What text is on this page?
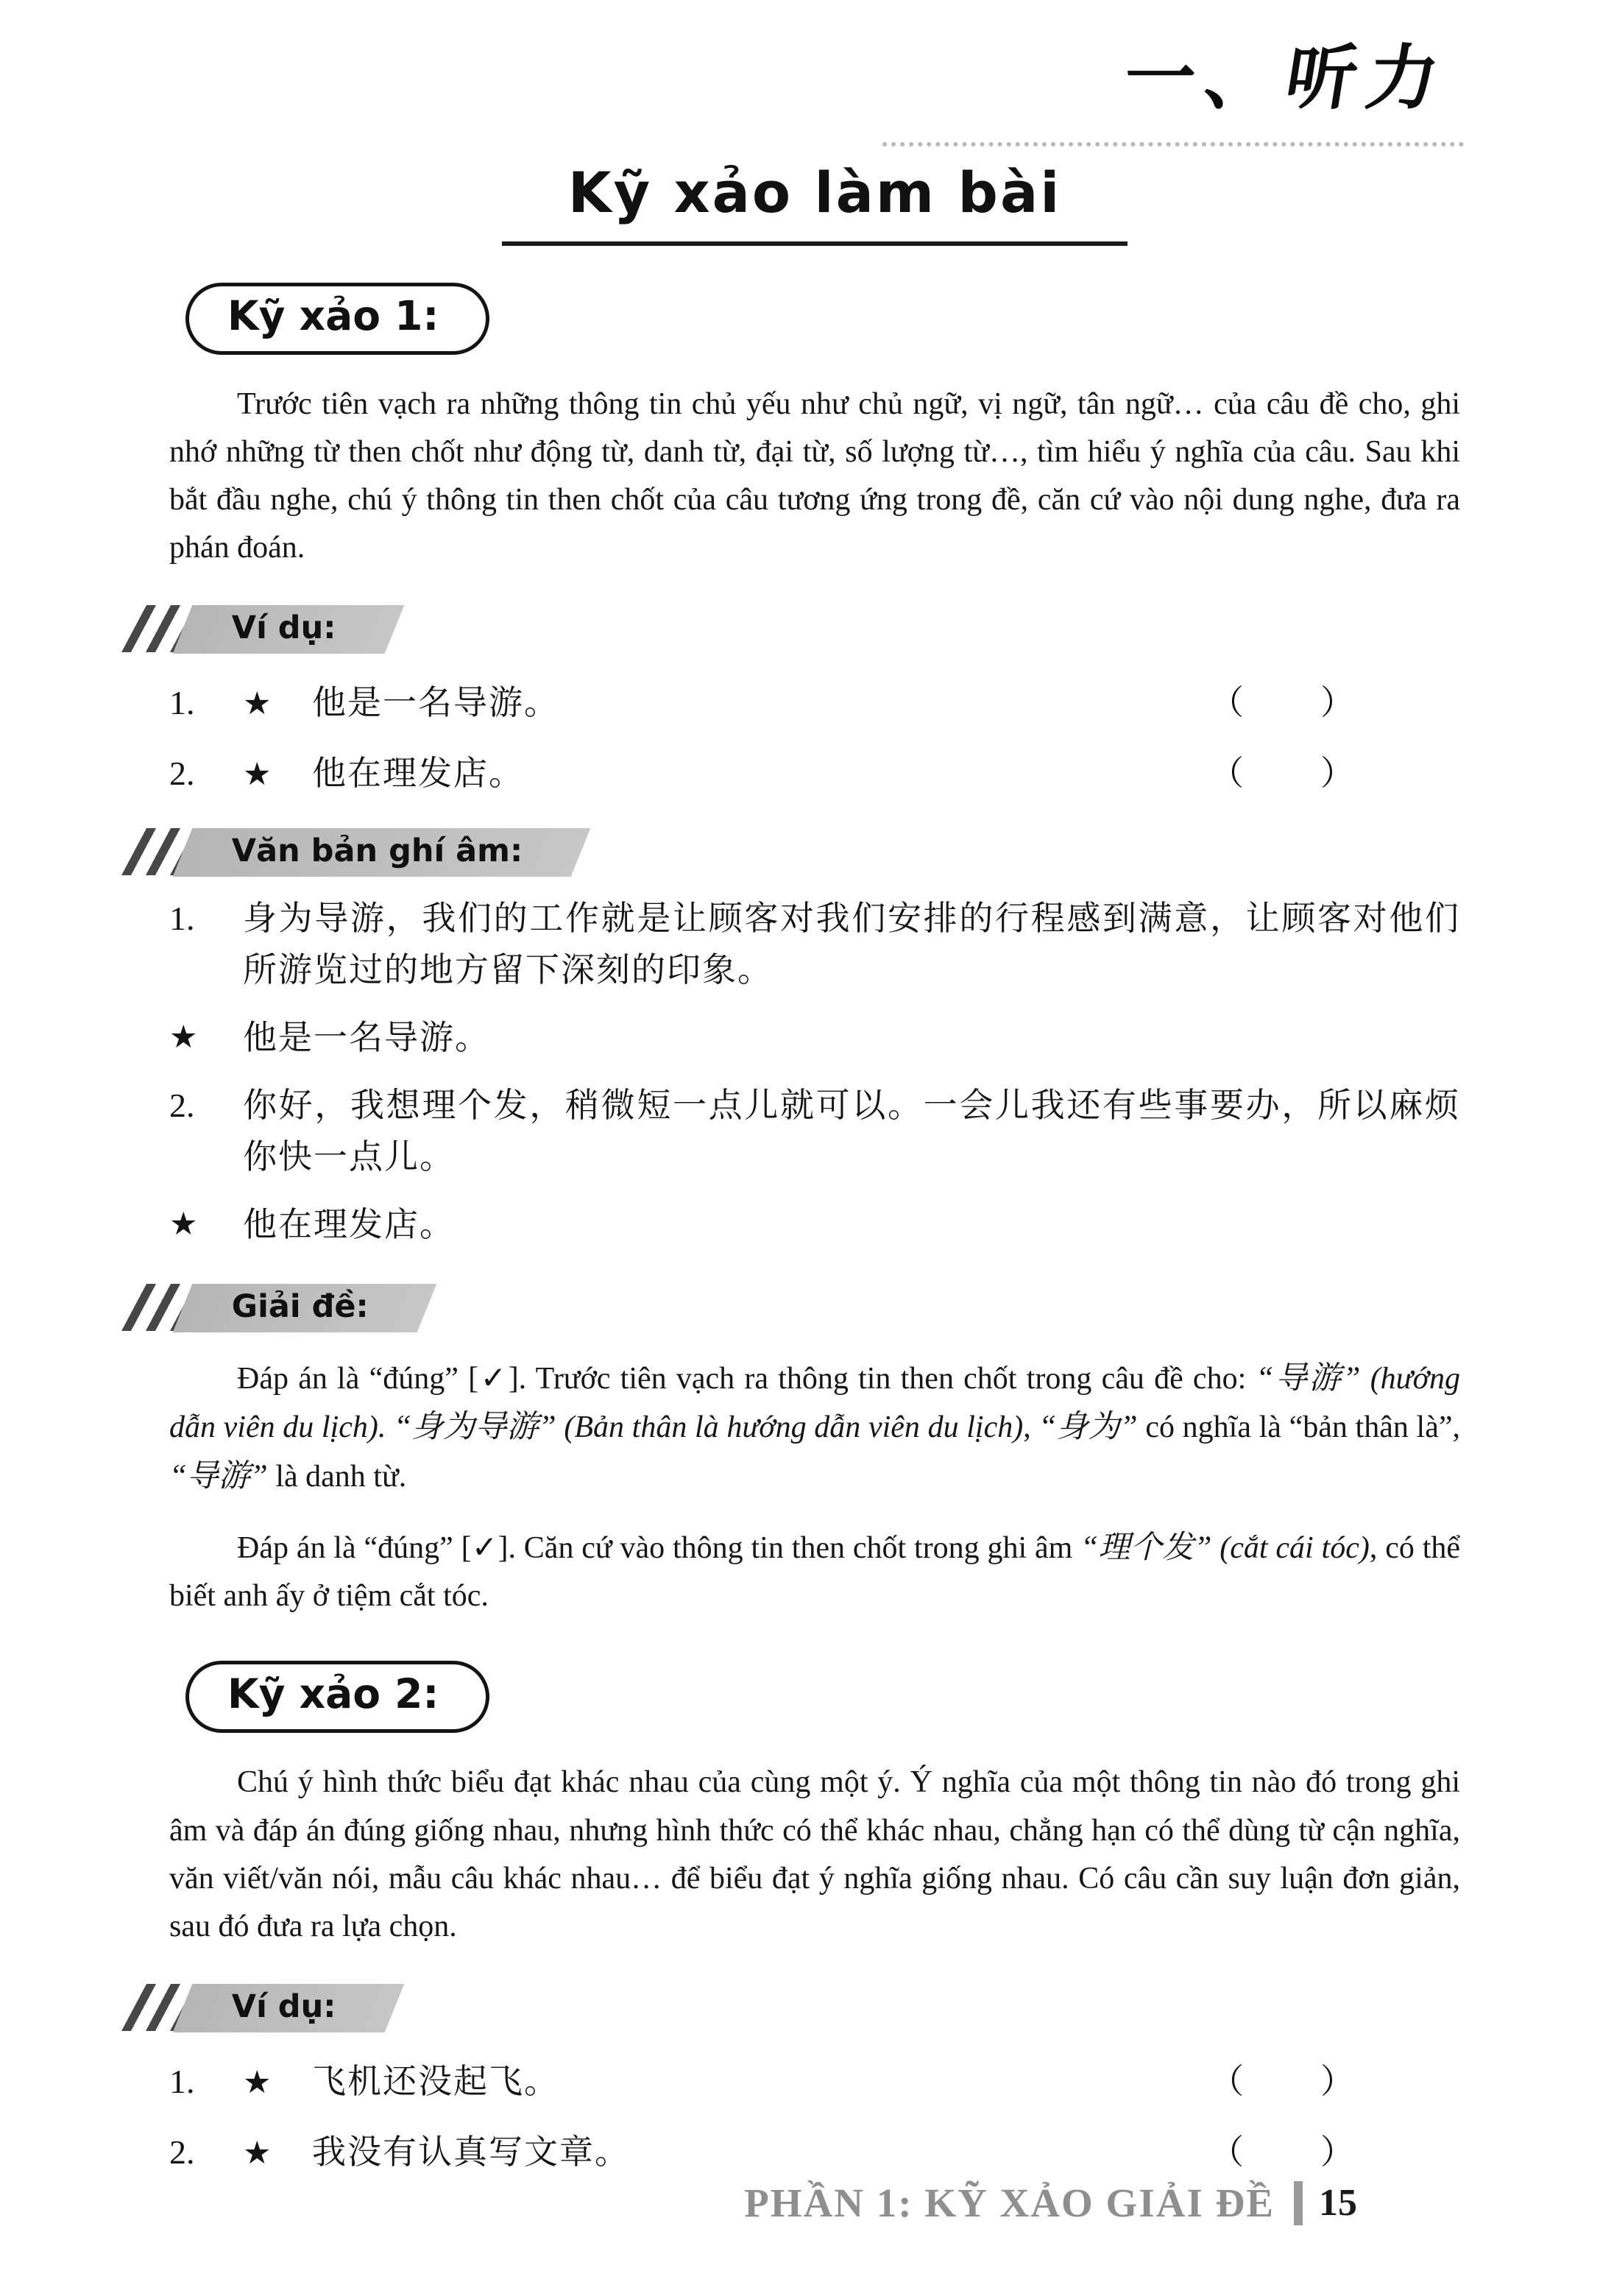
一、听力
Kỹ xảo làm bài
Kỹ xảo 1:

Trước tiên vạch ra những thông tin chủ yếu như chủ ngữ, vị ngữ, tân ngữ… của câu đề cho, ghi nhớ những từ then chốt như động từ, danh từ, đại từ, số lượng từ…, tìm hiểu ý nghĩa của câu. Sau khi bắt đầu nghe, chú ý thông tin then chốt của câu tương ứng trong đề, căn cứ vào nội dung nghe, đưa ra phán đoán.

Ví dụ:
1.	★	他是一名导游。	（　　）
2.	★	他在理发店。	（　　）
Văn bản ghí âm:
1.	身为导游，我们的工作就是让顾客对我们安排的行程感到满意，让顾客对他们所游览过的地方留下深刻的印象。
★	他是一名导游。
2.	你好，我想理个发，稍微短一点儿就可以。一会儿我还有些事要办，所以麻烦你快一点儿。
★	他在理发店。
Giải đề:

Đáp án là “đúng” [✓]. Trước tiên vạch ra thông tin then chốt trong câu đề cho: “导游” (hướng dẫn viên du lịch). “身为导游” (Bản thân là hướng dẫn viên du lịch), “身为” có nghĩa là “bản thân là”, “导游” là danh từ.

Đáp án là “đúng” [✓]. Căn cứ vào thông tin then chốt trong ghi âm “理个发” (cắt cái tóc), có thể biết anh ấy ở tiệm cắt tóc.

Kỹ xảo 2:

Chú ý hình thức biểu đạt khác nhau của cùng một ý. Ý nghĩa của một thông tin nào đó trong ghi âm và đáp án đúng giống nhau, nhưng hình thức có thể khác nhau, chẳng hạn có thể dùng từ cận nghĩa, văn viết/văn nói, mẫu câu khác nhau… để biểu đạt ý nghĩa giống nhau. Có câu cần suy luận đơn giản, sau đó đưa ra lựa chọn.

Ví dụ:
1.	★	飞机还没起飞。	（　　）
2.	★	我没有认真写文章。	（　　）
PHẦN 1: KỸ XẢO GIẢI ĐỀ 15
